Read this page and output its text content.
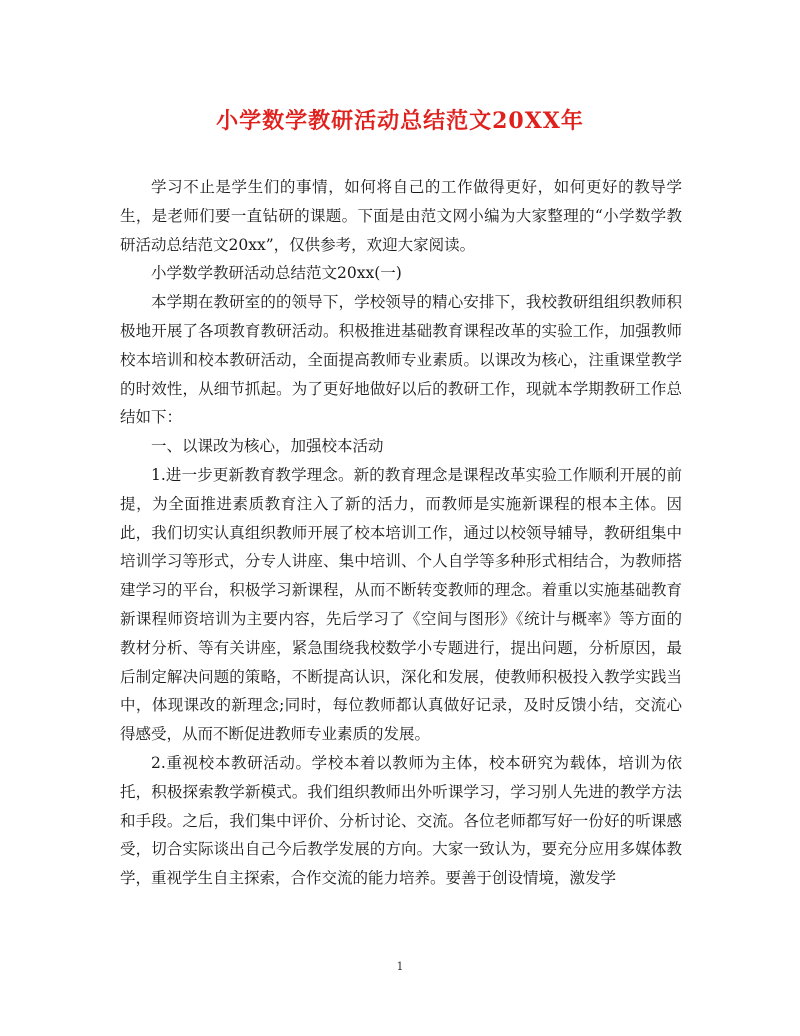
小学数学教研活动总结范文20XX年

学习不止是学生们的事情，如何将自己的工作做得更好，如何更好的教导学生，是老师们要一直钻研的课题。下面是由范文网小编为大家整理的“小学数学教研活动总结范文20xx”，仅供参考，欢迎大家阅读。

小学数学教研活动总结范文20xx(一)

本学期在教研室的的领导下，学校领导的精心安排下，我校教研组组织教师积极地开展了各项教育教研活动。积极推进基础教育课程改革的实验工作，加强教师校本培训和校本教研活动，全面提高教师专业素质。以课改为核心，注重课堂教学的时效性，从细节抓起。为了更好地做好以后的教研工作，现就本学期教研工作总结如下：

一、以课改为核心，加强校本活动

1.进一步更新教育教学理念。新的教育理念是课程改革实验工作顺利开展的前提，为全面推进素质教育注入了新的活力，而教师是实施新课程的根本主体。因此，我们切实认真组织教师开展了校本培训工作，通过以校领导辅导，教研组集中培训学习等形式，分专人讲座、集中培训、个人自学等多种形式相结合，为教师搭建学习的平台，积极学习新课程，从而不断转变教师的理念。着重以实施基础教育新课程师资培训为主要内容，先后学习了《空间与图形》《统计与概率》等方面的教材分析、等有关讲座，紧急围绕我校数学小专题进行，提出问题，分析原因，最后制定解决问题的策略，不断提高认识，深化和发展，使教师积极投入教学实践当中，体现课改的新理念;同时，每位教师都认真做好记录，及时反馈小结，交流心得感受，从而不断促进教师专业素质的发展。

2.重视校本教研活动。学校本着以教师为主体，校本研究为载体，培训为依托，积极探索教学新模式。我们组织教师出外听课学习，学习别人先进的教学方法和手段。之后，我们集中评价、分析讨论、交流。各位老师都写好一份好的听课感受，切合实际谈出自己今后教学发展的方向。大家一致认为，要充分应用多媒体教学，重视学生自主探索，合作交流的能力培养。要善于创设情境，激发学

1
